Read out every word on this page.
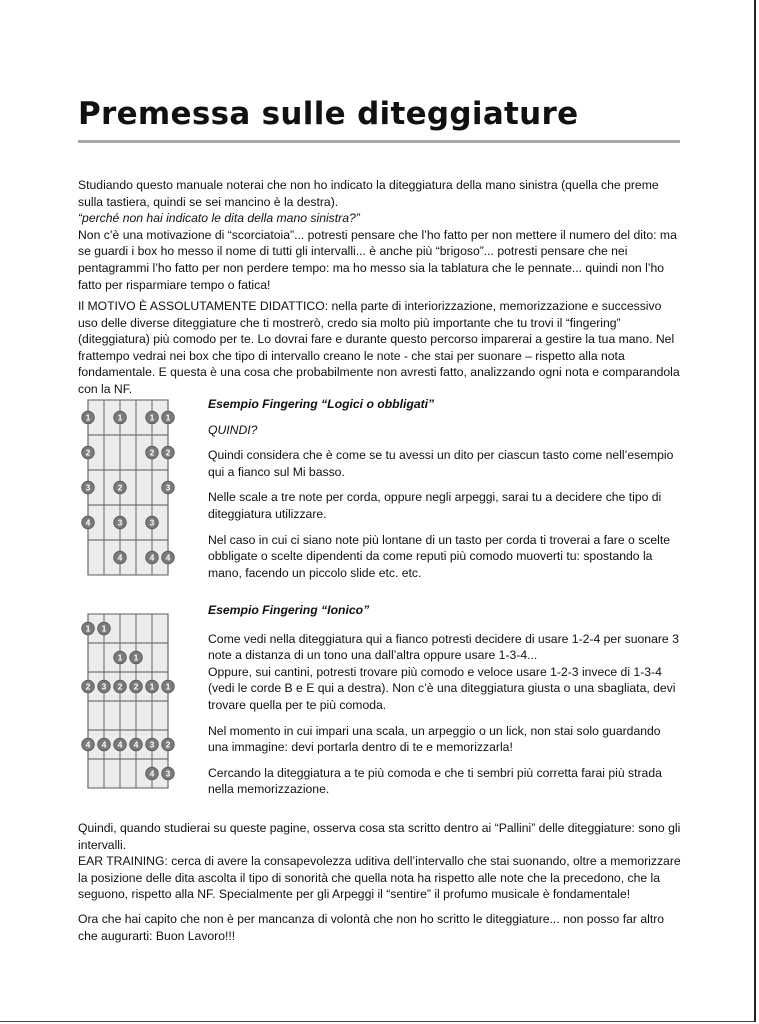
Premessa sulle diteggiature
Studiando questo manuale noterai che non ho indicato la diteggiatura della mano sinistra (quella che preme sulla tastiera, quindi se sei mancino è la destra).
“perché non hai indicato le dita della mano sinistra?”
Non c’è una motivazione di “scorciatoia”... potresti pensare che l’ho fatto per non mettere il numero del dito: ma se guardi i box ho messo il nome di tutti gli intervalli... è anche più “brigoso”... potresti pensare che nei pentagrammi l’ho fatto per non perdere tempo: ma ho messo sia la tablatura che le pennate... quindi non l’ho fatto per risparmiare tempo o fatica!
Il MOTIVO È ASSOLUTAMENTE DIDATTICO: nella parte di interiorizzazione, memorizzazione e successivo uso delle diverse diteggiature che ti mostrerò, credo sia molto più importante che tu trovi il “fingering” (diteggiatura) più comodo per te. Lo dovrai fare e durante questo percorso imparerai a gestire la tua mano. Nel frattempo vedrai nei box che tipo di intervallo creano le note - che stai per suonare – rispetto alla nota fondamentale. E questa è una cosa che probabilmente non avresti fatto, analizzando ogni nota e comparandola con la NF.
1	1	1 1
2	2 2
3	2	3
4	3	3
4	4 4

Esempio Fingering “Logici o obbligati”

QUINDI?

Quindi considera che è come se tu avessi un dito per ciascun tasto come nell’esempio qui a fianco sul Mi basso.

Nelle scale a tre note per corda, oppure negli arpeggi, sarai tu a decidere che tipo di diteggiatura utilizzare.

Nel caso in cui ci siano note più lontane di un tasto per corda ti troverai a fare o scelte obbligate o scelte dipendenti da come reputi più comodo muoverti tu: spostando la mano, facendo un piccolo slide etc. etc.

1 1
1 1
2 3 2 2 1 1
4 4 4 4 3 2
4 3

Esempio Fingering “Ionico”

Come vedi nella diteggiatura qui a fianco potresti decidere di usare 1-2-4 per suonare 3 note a distanza di un tono una dall’altra oppure usare 1-3-4...

Oppure, sui cantini, potresti trovare più comodo e veloce usare 1-2-3 invece di 1-3-4 (vedi le corde B e E qui a destra). Non c’è una diteggiatura giusta o una sbagliata, devi trovare quella per te più comoda.

Nel momento in cui impari una scala, un arpeggio o un lick, non stai solo guardando una immagine: devi portarla dentro di te e memorizzarla!

Cercando la diteggiatura a te più comoda e che ti sembri più corretta farai più strada nella memorizzazione.

Quindi, quando studierai su queste pagine, osserva cosa sta scritto dentro ai “Pallini” delle diteggiature: sono gli intervalli.
EAR TRAINING: cerca di avere la consapevolezza uditiva dell’intervallo che stai suonando, oltre a memorizzare la posizione delle dita ascolta il tipo di sonorità che quella nota ha rispetto alle note che la precedono, che la seguono, rispetto alla NF. Specialmente per gli Arpeggi il “sentire” il profumo musicale è fondamentale!
Ora che hai capito che non è per mancanza di volontà che non ho scritto le diteggiature... non posso far altro che augurarti: Buon Lavoro!!!
